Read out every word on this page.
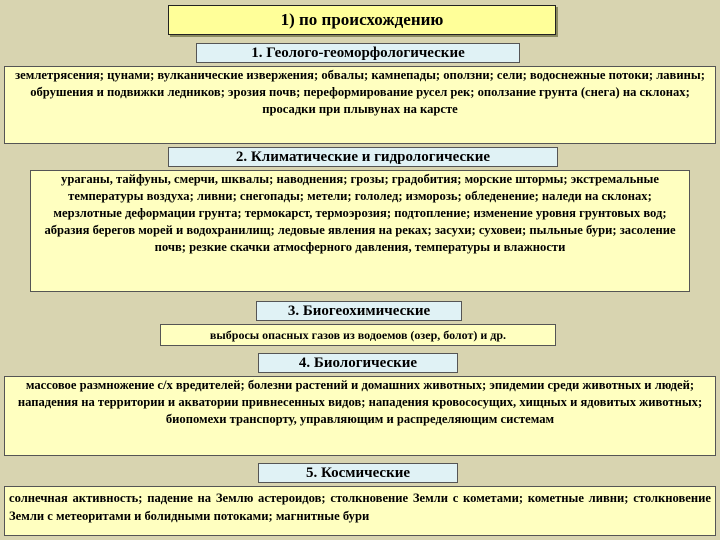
1) по происхождению
1. Геолого-геоморфологические
землетрясения; цунами; вулканические извержения; обвалы; камнепады; оползни; сели; водоснежные потоки; лавины; обрушения и подвижки ледников; эрозия почв; переформирование русел рек; оползание грунта (снега) на склонах; просадки при плывунах на карсте
2. Климатические и гидрологические
ураганы, тайфуны, смерчи, шквалы; наводнения; грозы; градобития; морские штормы; экстремальные температуры воздуха; ливни; снегопады; метели; гололед; изморозь; обледенение; наледи на склонах; мерзлотные деформации грунта; термокарст, термоэрозия; подтопление; изменение уровня грунтовых вод; абразия берегов морей и водохранилищ; ледовые явления на реках; засухи; суховеи; пыльные бури; засоление почв; резкие скачки атмосферного давления, температуры и влажности
3. Биогеохимические
выбросы опасных газов из водоемов (озер, болот) и др.
4. Биологические
массовое размножение с/х вредителей; болезни растений и домашних животных; эпидемии среди животных и людей; нападения на территории и акватории привнесенных видов; нападения кровососущих, хищных и ядовитых животных; биопомехи транспорту, управляющим и распределяющим системам
5. Космические
солнечная активность; падение на Землю астероидов; столкновение Земли с кометами; кометные ливни; столкновение Земли с метеоритами и болидными потоками; магнитные бури
